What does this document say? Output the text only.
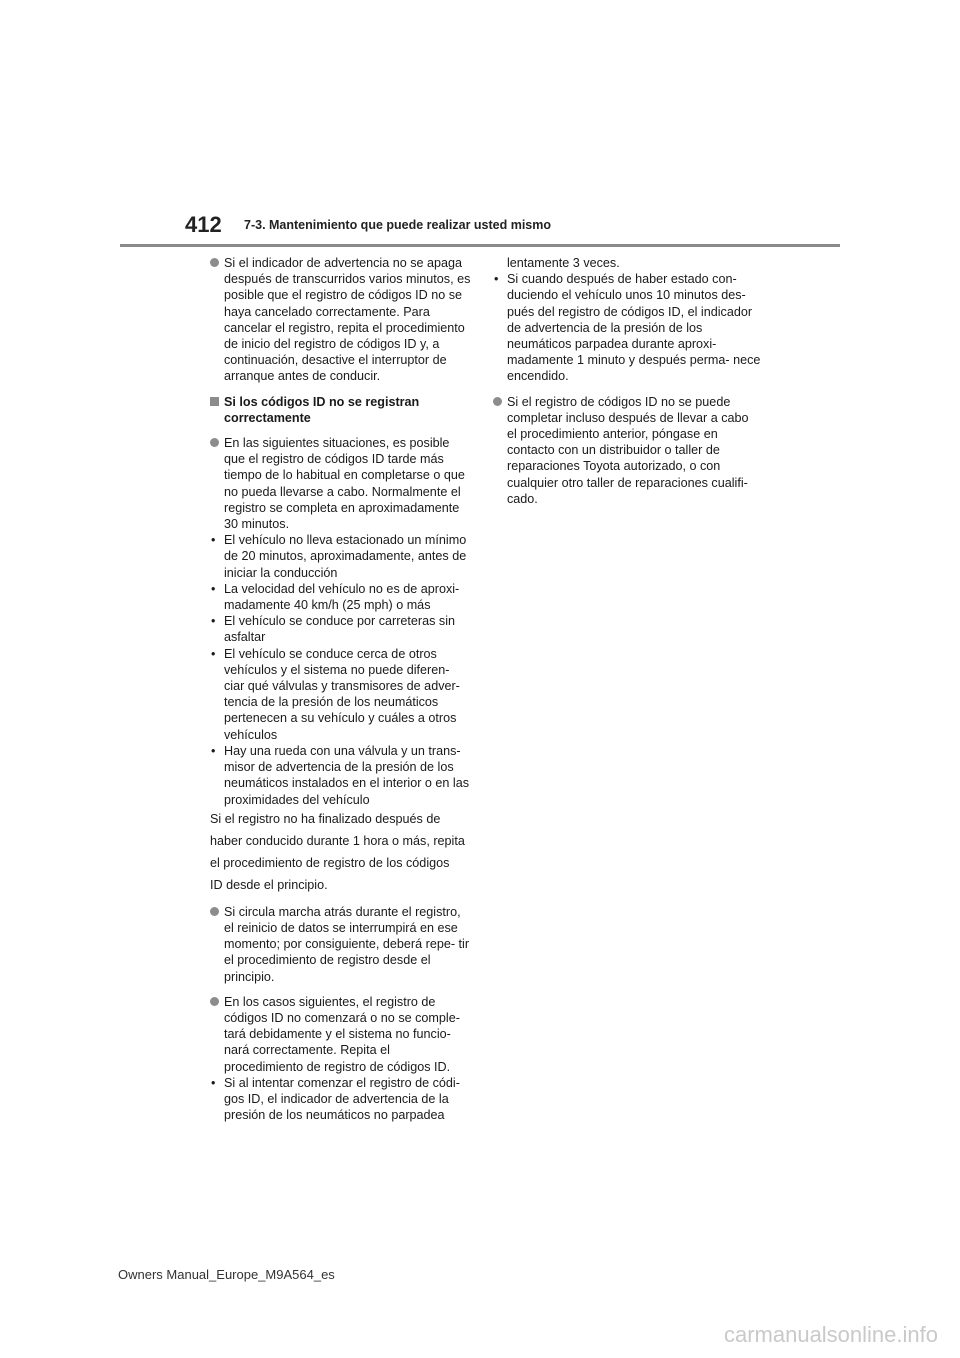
412 7-3. Mantenimiento que puede realizar usted mismo
Si el indicador de advertencia no se apaga después de transcurridos varios minutos, es posible que el registro de códigos ID no se haya cancelado correctamente. Para cancelar el registro, repita el procedimiento de inicio del registro de códigos ID y, a continuación, desactive el interruptor de arranque antes de conducir.
Si los códigos ID no se registran correctamente
En las siguientes situaciones, es posible que el registro de códigos ID tarde más tiempo de lo habitual en completarse o que no pueda llevarse a cabo. Normalmente el registro se completa en aproximadamente 30 minutos.
• El vehículo no lleva estacionado un mínimo de 20 minutos, aproximadamente, antes de iniciar la conducción
• La velocidad del vehículo no es de aproxi- madamente 40 km/h (25 mph) o más
• El vehículo se conduce por carreteras sin asfaltar
• El vehículo se conduce cerca de otros vehículos y el sistema no puede diferen- ciar qué válvulas y transmisores de adver- tencia de la presión de los neumáticos pertenecen a su vehículo y cuáles a otros vehículos
• Hay una rueda con una válvula y un trans- misor de advertencia de la presión de los neumáticos instalados en el interior o en las proximidades del vehículo

Si el registro no ha finalizado después de

haber conducido durante 1 hora o más, repita

el procedimiento de registro de los códigos

ID desde el principio.

Si circula marcha atrás durante el registro, el reinicio de datos se interrumpirá en ese momento; por consiguiente, deberá repe- tir el procedimiento de registro desde el principio.
En los casos siguientes, el registro de códigos ID no comenzará o no se comple- tará debidamente y el sistema no funcio- nará correctamente. Repita el procedimiento de registro de códigos ID.
• Si al intentar comenzar el registro de códi- gos ID, el indicador de advertencia de la presión de los neumáticos no parpadea
lentamente 3 veces.
• Si cuando después de haber estado con- duciendo el vehículo unos 10 minutos des- pués del registro de códigos ID, el indicador de advertencia de la presión de los neumáticos parpadea durante aproxi- madamente 1 minuto y después perma- nece encendido.
Si el registro de códigos ID no se puede completar incluso después de llevar a cabo el procedimiento anterior, póngase en contacto con un distribuidor o taller de reparaciones Toyota autorizado, o con cualquier otro taller de reparaciones cualifi- cado.
Owners Manual_Europe_M9A564_es
carmanualsonline.info
